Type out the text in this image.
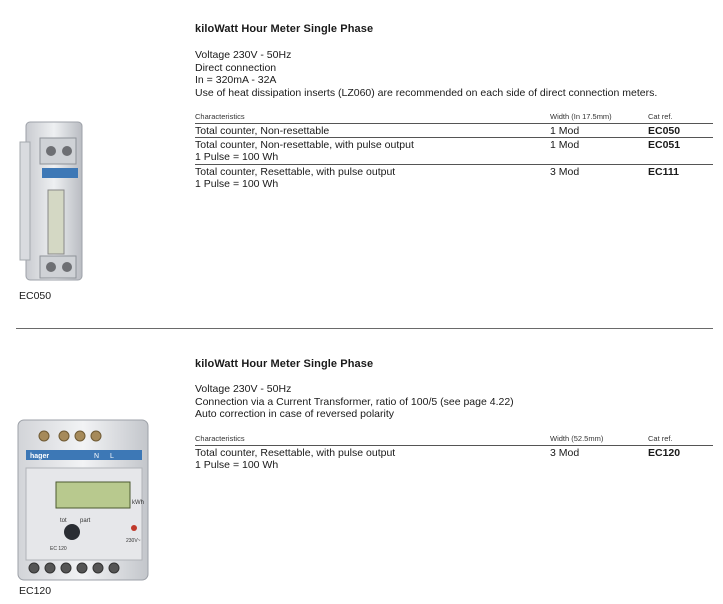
EC050
kiloWatt Hour Meter Single Phase
Voltage 230V - 50Hz
Direct connection
In = 320mA - 32A
Use of heat dissipation inserts (LZ060) are recommended on each side of direct connection meters.
Characteristics	Width (In 17.5mm)	Cat ref.
Total counter, Non-resettable	1 Mod	EC050
Total counter, Non-resettable, with pulse output
1 Pulse = 100 Wh
1 Mod	EC051
Total counter, Resettable, with pulse output
1 Pulse = 100 Wh
3 Mod	EC111
hager	N L
kWh
tot part
EC 120
230V~
EC120
kiloWatt Hour Meter Single Phase
Voltage 230V - 50Hz
Connection via a Current Transformer, ratio of 100/5 (see page 4.22)
Auto correction in case of reversed polarity
Characteristics	Width (52.5mm)	Cat ref.
Total counter, Resettable, with pulse output
1 Pulse = 100 Wh
3 Mod	EC120
